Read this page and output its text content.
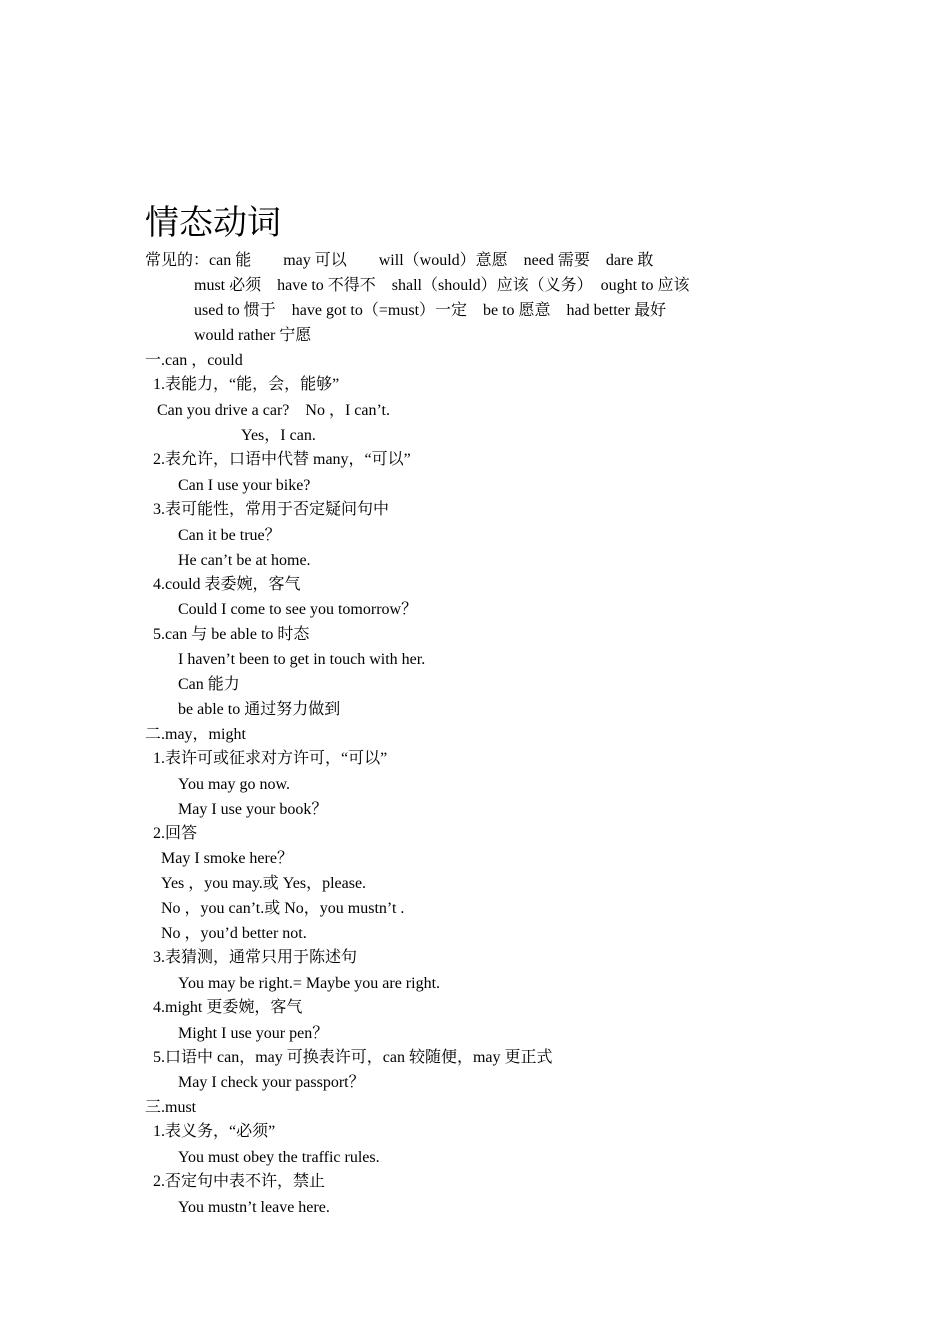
情态动词
常见的：can 能　　may 可以　　will（would）意愿　need 需要　dare 敢
must 必须　have to 不得不　shall（should）应该（义务）　ought to 应该
used to 惯于　have got to（=must）一定　be to 愿意　had better 最好
would rather 宁愿
一.can ，could
1.表能力，“能，会，能够”
Can you drive a car?　No ，I can’t.
Yes，I can.
2.表允许，口语中代替 many，“可以”
Can I use your bike?
3.表可能性，常用于否定疑问句中
Can it be true？
He can’t be at home.
4.could 表委婉，客气
Could I come to see you tomorrow？
5.can 与 be able to 时态
I haven’t been to get in touch with her.
Can 能力
be able to 通过努力做到
二.may，might
1.表许可或征求对方许可，“可以”
You may go now.
May I use your book？
2.回答
May I smoke here？
Yes ，you may.或 Yes，please.
No ，you can’t.或 No，you mustn’t .
No ，you’d better not.
3.表猜测，通常只用于陈述句
You may be right.= Maybe you are right.
4.might 更委婉，客气
Might I use your pen？
5.口语中 can，may 可换表许可，can 较随便，may 更正式
May I check your passport？
三.must
1.表义务，“必须”
You must obey the traffic rules.
2.否定句中表不许，禁止
You mustn’t leave here.
